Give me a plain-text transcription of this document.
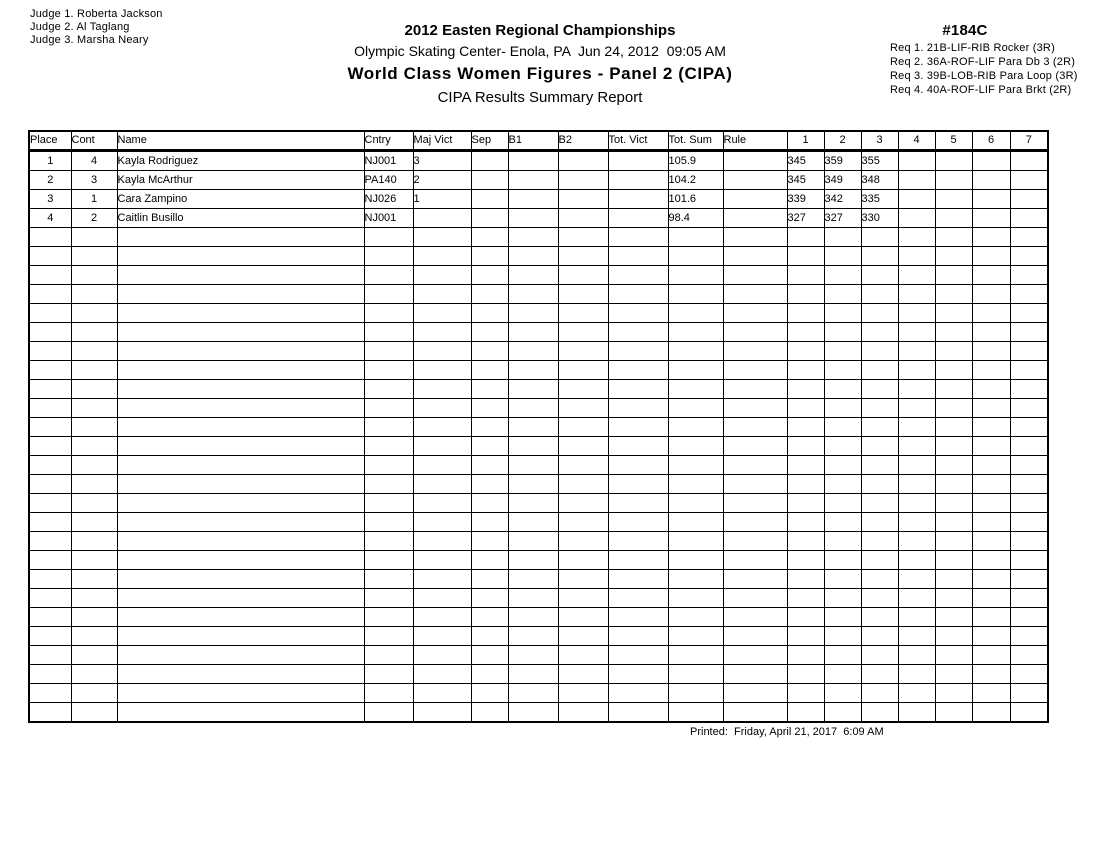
Judge 1. Roberta Jackson
Judge 2. Al Taglang
Judge 3. Marsha Neary
2012 Easten Regional Championships
Olympic Skating Center- Enola, PA  Jun 24, 2012  09:05 AM
World Class Women Figures - Panel 2 (CIPA)
CIPA Results Summary Report
#184C
Req 1. 21B-LIF-RIB Rocker (3R)
Req 2. 36A-ROF-LIF Para Db 3 (2R)
Req 3. 39B-LOB-RIB Para Loop (3R)
Req 4. 40A-ROF-LIF Para Brkt (2R)
Place	Cont	Name	Cntry	Maj Vict	Sep	B1	B2	Tot. Vict	Tot. Sum	Rule	1	2	3	4	5	6	7
1	4	Kayla Rodriguez	NJ001	3					105.9		345	359	355				
2	3	Kayla McArthur	PA140	2					104.2		345	349	348				
3	1	Cara Zampino	NJ026	1					101.6		339	342	335				
4	2	Caitlin Busillo	NJ001						98.4		327	327	330				

Printed:  Friday, April 21, 2017  6:09 AM
